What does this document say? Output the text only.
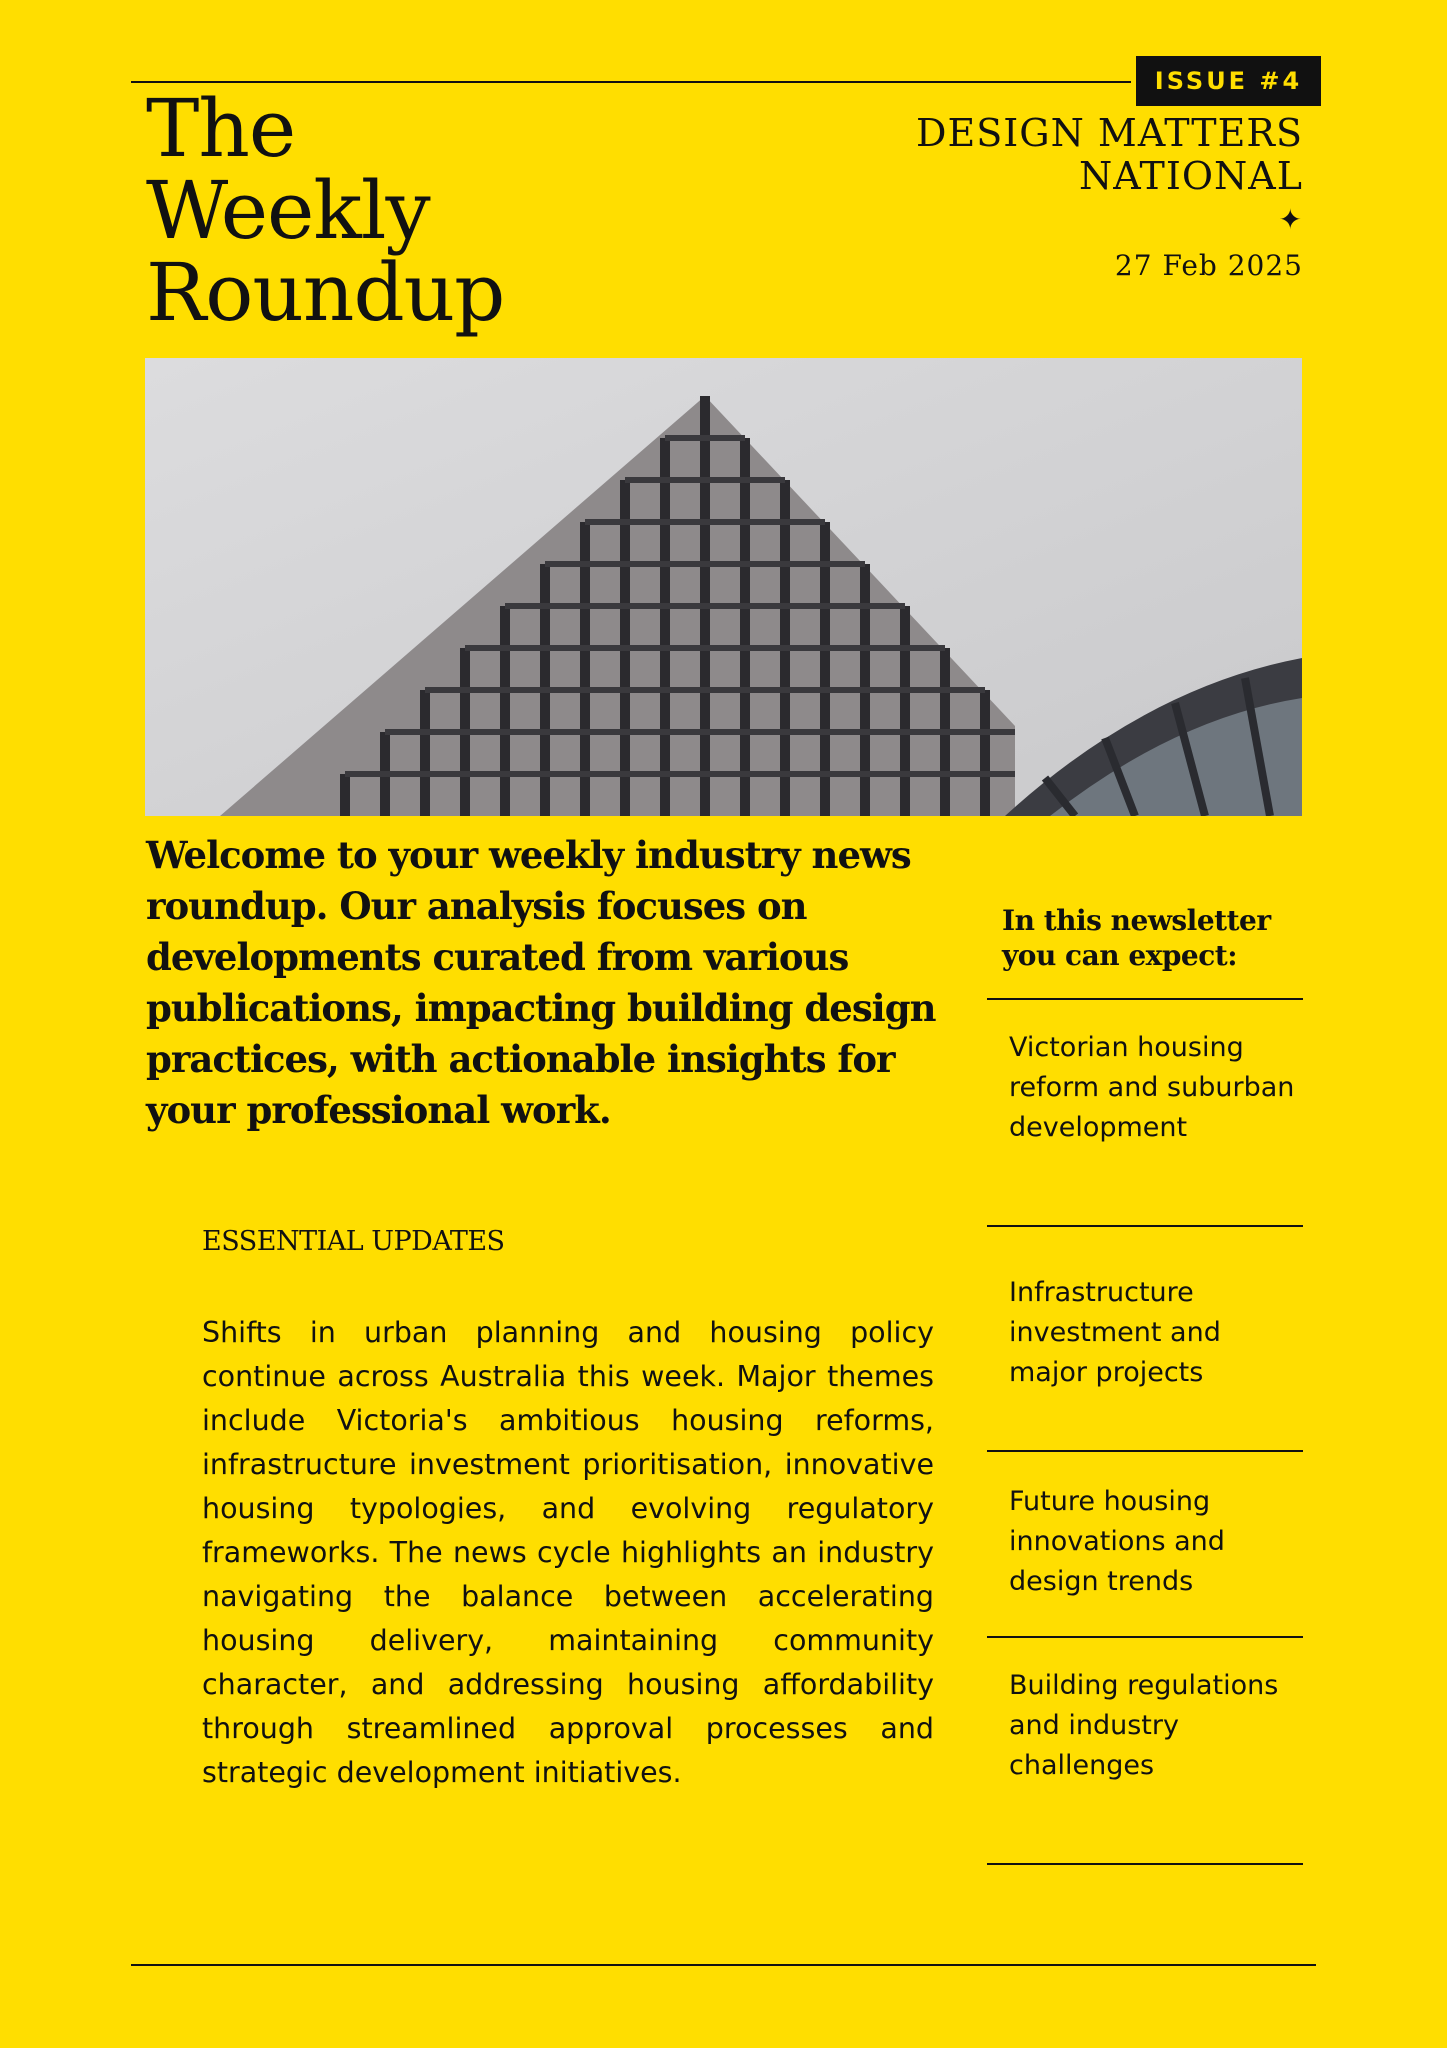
ISSUE #4
The
Weekly
Roundup
DESIGN MATTERS
NATIONAL
✦
27 Feb 2025

Welcome to your weekly industry news roundup. Our analysis focuses on developments curated from various publications, impacting building design practices, with actionable insights for your professional work.

ESSENTIAL UPDATES

Shifts in urban planning and housing policy continue across Australia this week. Major themes include Victoria's ambitious housing reforms, infrastructure investment prioritisation, innovative housing typologies, and evolving regulatory frameworks. The news cycle highlights an industry navigating the balance between accelerating housing delivery, maintaining community character, and addressing housing affordability through streamlined approval processes and strategic development initiatives.

In this newsletter
you can expect:
Victorian housing reform and suburban development
Infrastructure investment and major projects
Future housing innovations and design trends
Building regulations and industry challenges
